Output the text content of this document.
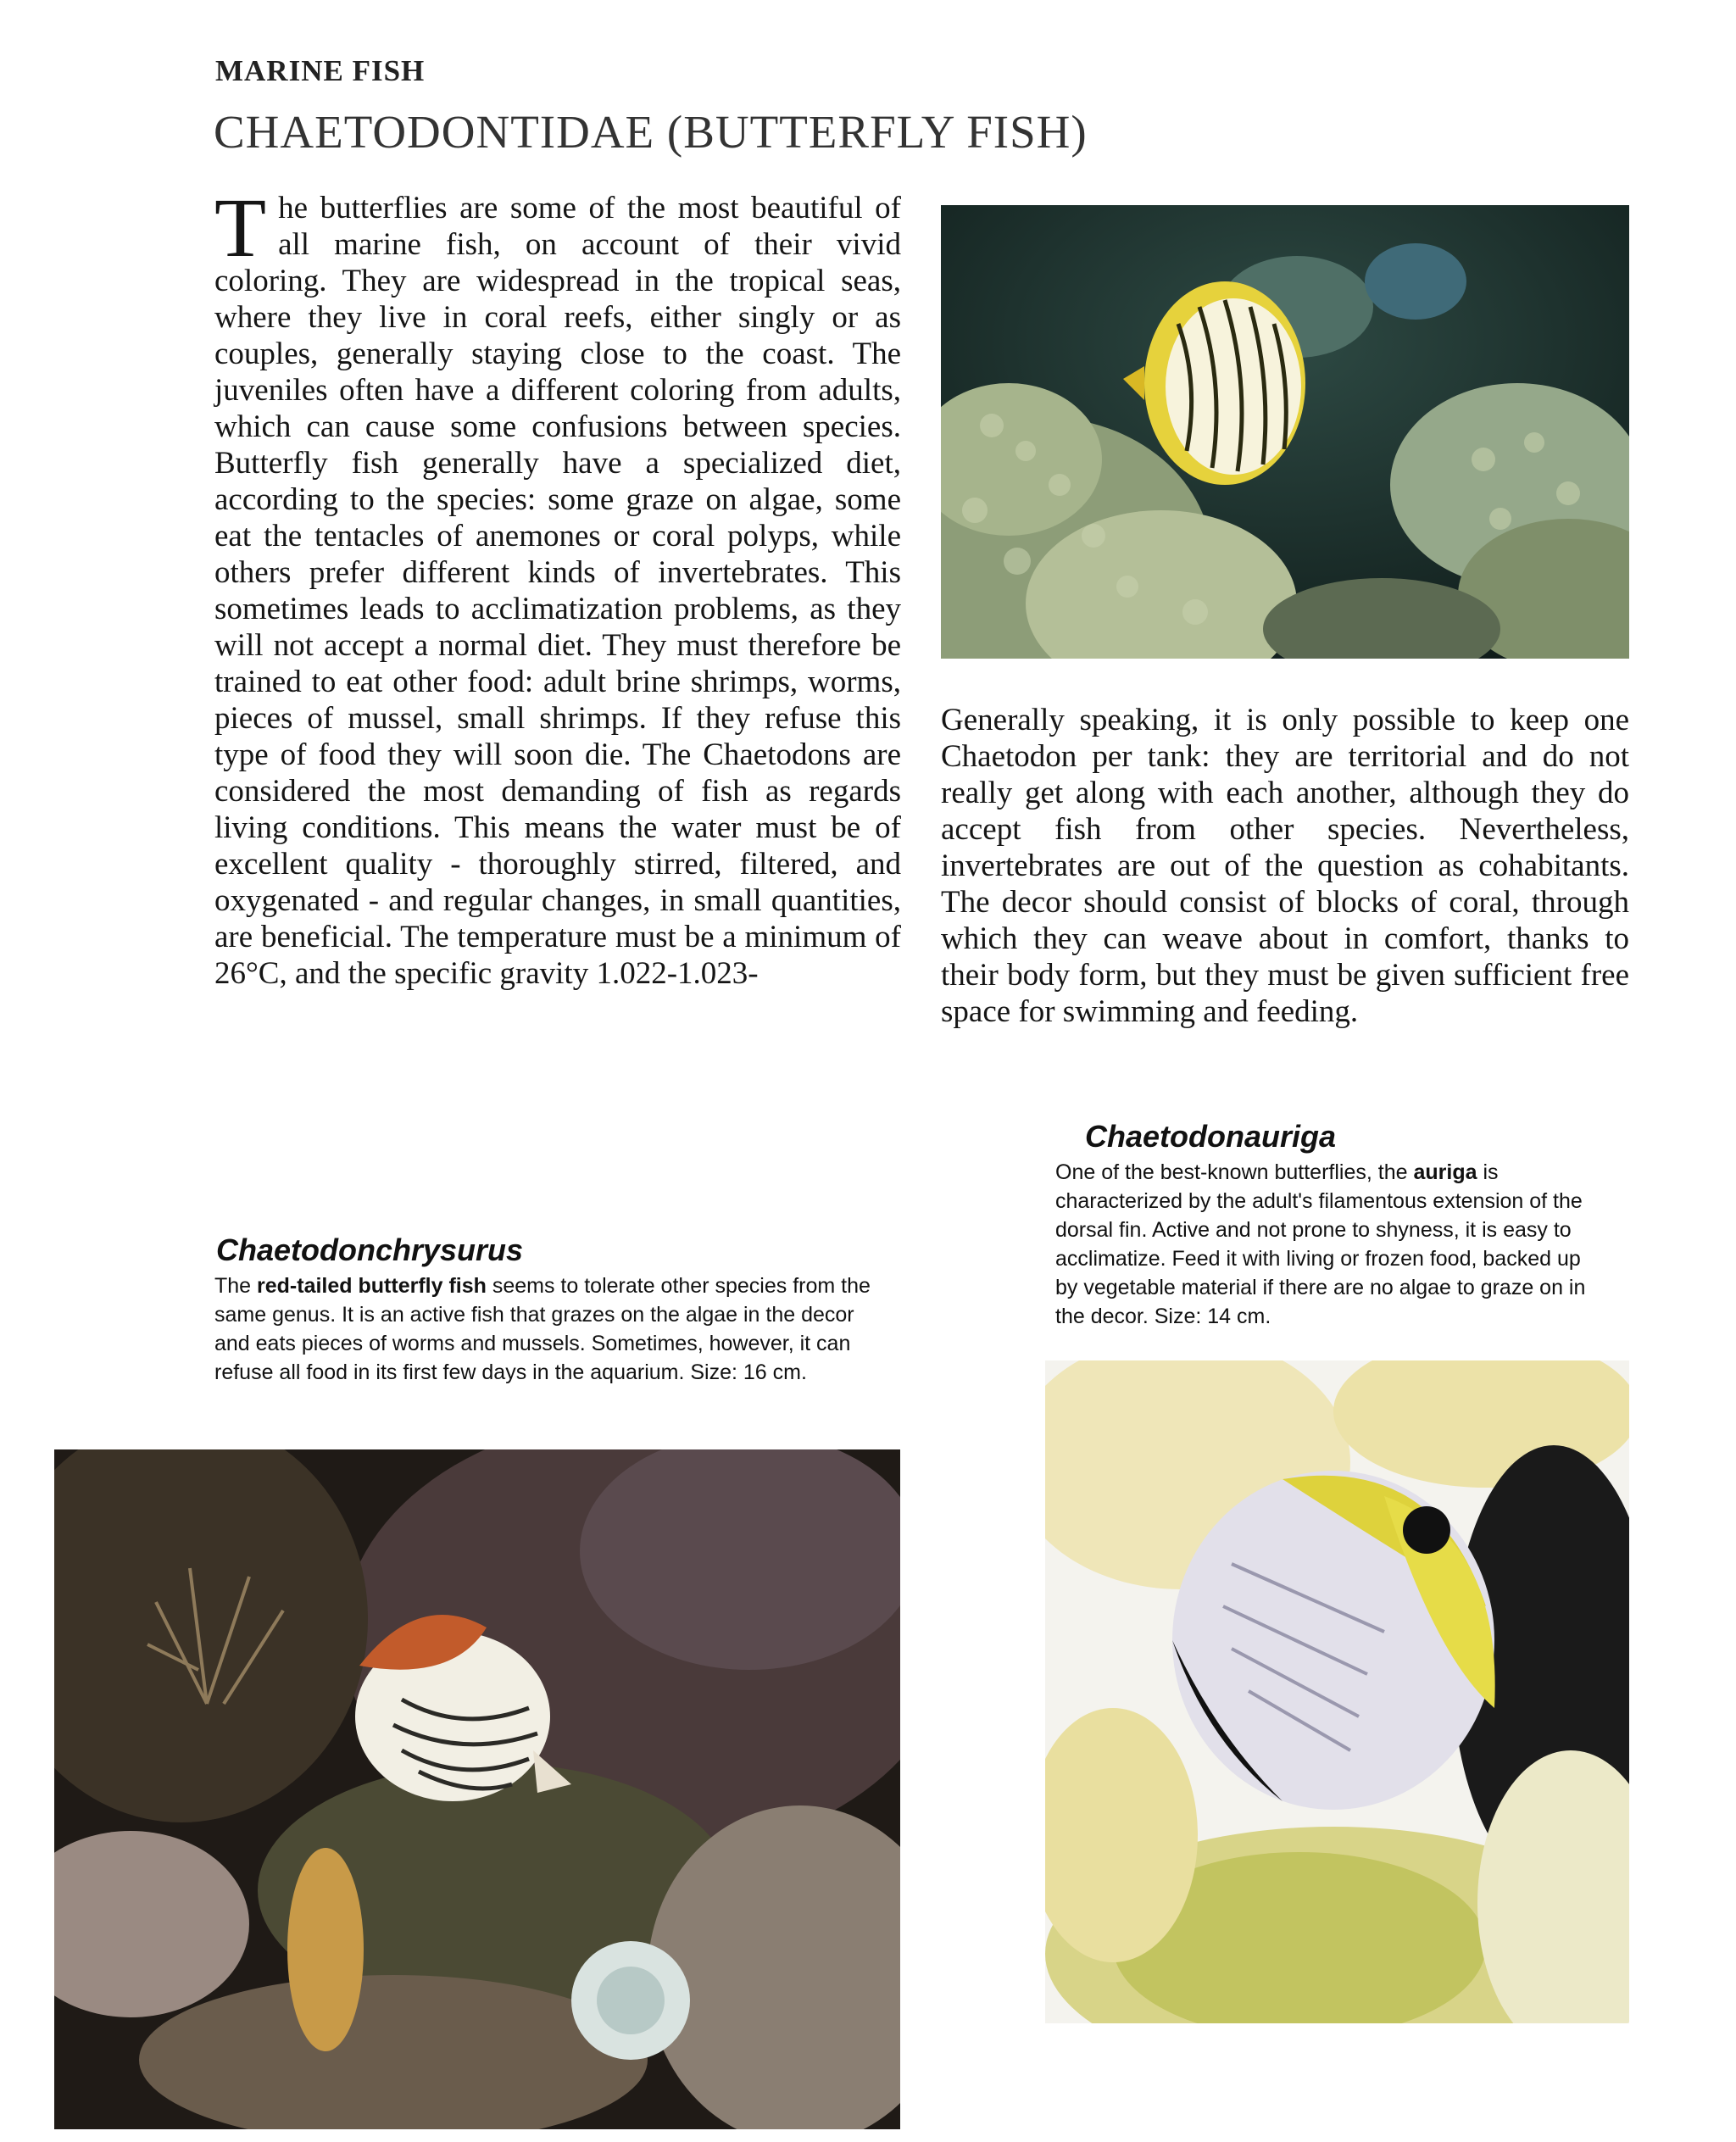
MARINE FISH
CHAETODONTIDAE (BUTTERFLY FISH)
The butterflies are some of the most beautiful of all marine fish, on account of their vivid coloring. They are widespread in the tropical seas, where they live in coral reefs, either singly or as couples, generally staying close to the coast. The juveniles often have a different coloring from adults, which can cause some confusions between species. Butterfly fish generally have a specialized diet, according to the species: some graze on algae, some eat the tentacles of anemones or coral polyps, while others prefer different kinds of invertebrates. This sometimes leads to acclimatization problems, as they will not accept a normal diet. They must therefore be trained to eat other food: adult brine shrimps, worms, pieces of mussel, small shrimps. If they refuse this type of food they will soon die. The Chaetodons are considered the most demanding of fish as regards living conditions. This means the water must be of excellent quality - thoroughly stirred, filtered, and oxygenated - and regular changes, in small quantities, are beneficial. The temperature must be a minimum of 26°C, and the specific gravity 1.022-1.023-
Generally speaking, it is only possible to keep one Chaetodon per tank: they are territorial and do not really get along with each another, although they do accept fish from other species. Nevertheless, invertebrates are out of the question as cohabitants. The decor should consist of blocks of coral, through which they can weave about in comfort, thanks to their body form, but they must be given sufficient free space for swimming and feeding.
Chaetodonauriga
One of the best-known butterflies, the auriga is characterized by the adult's filamentous extension of the dorsal fin. Active and not prone to shyness, it is easy to acclimatize. Feed it with living or frozen food, backed up by vegetable material if there are no algae to graze on in the decor. Size: 14 cm.
Chaetodonchrysurus
The red-tailed butterfly fish seems to tolerate other species from the same genus. It is an active fish that grazes on the algae in the decor and eats pieces of worms and mussels. Sometimes, however, it can refuse all food in its first few days in the aquarium. Size: 16 cm.
